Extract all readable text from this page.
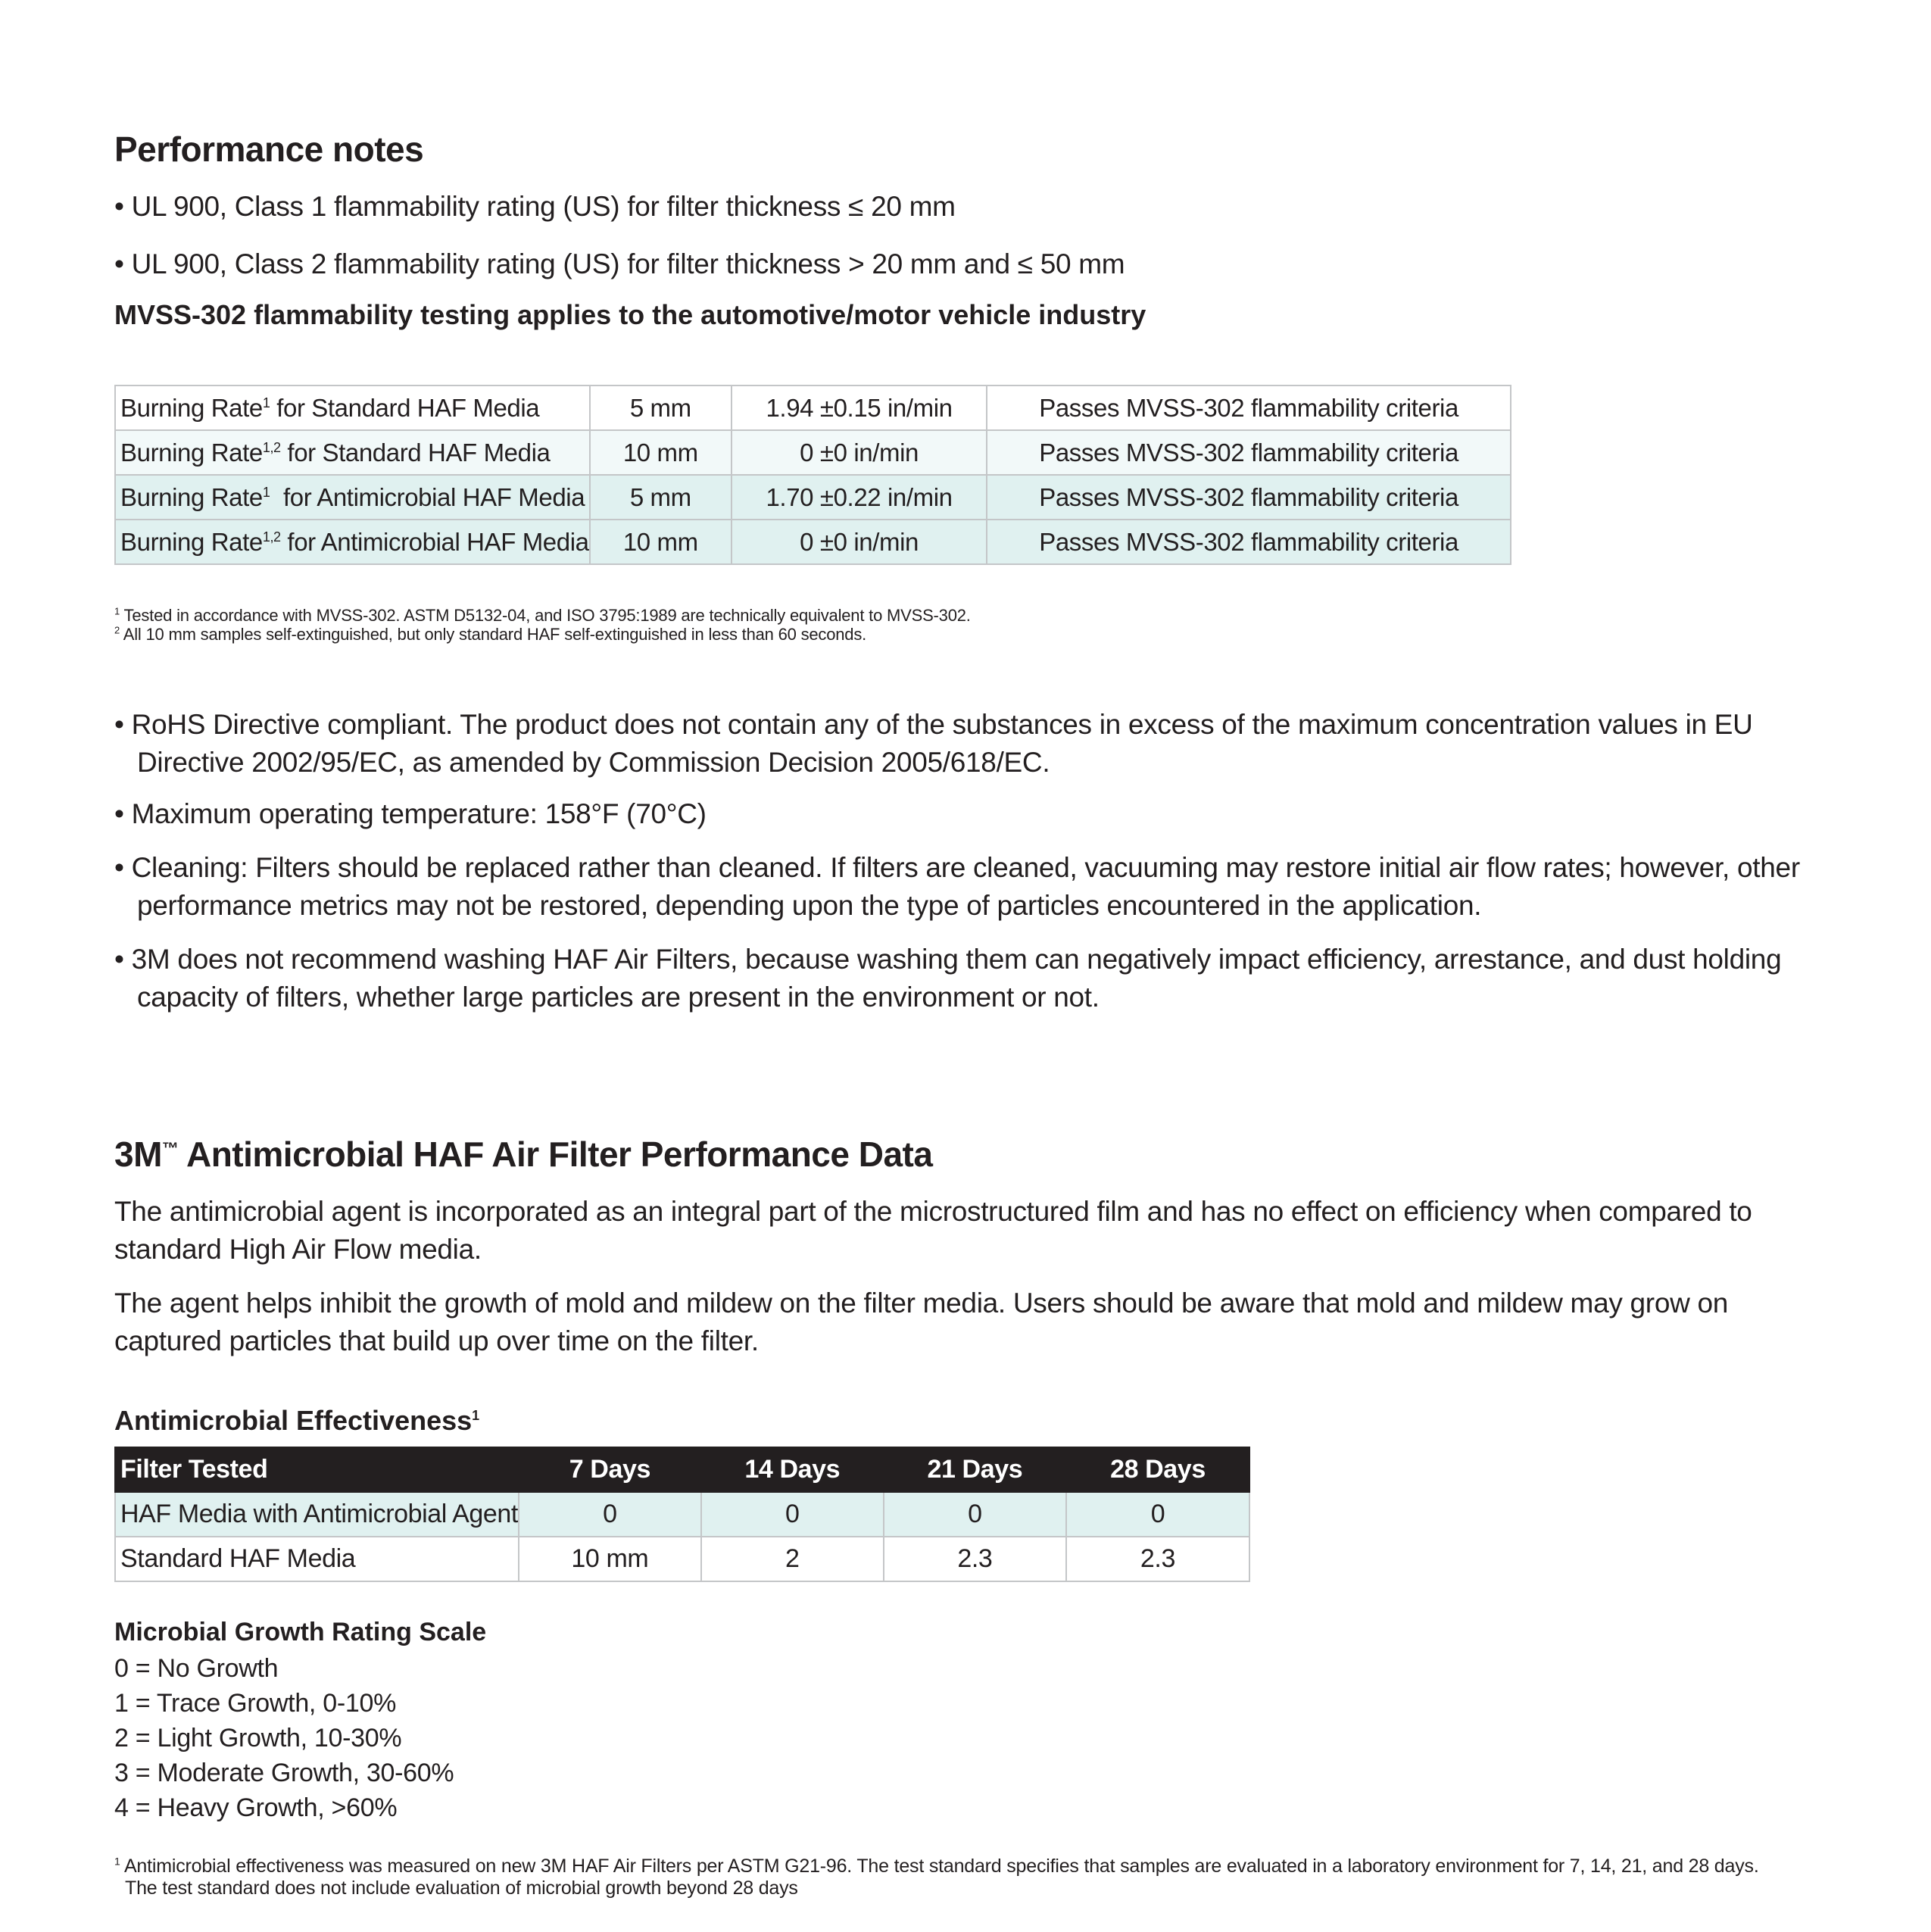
Performance notes
• UL 900, Class 1 flammability rating (US) for filter thickness ≤ 20 mm
• UL 900, Class 2 flammability rating (US) for filter thickness > 20 mm and ≤ 50 mm
MVSS-302 flammability testing applies to the automotive/motor vehicle industry
Burning Rate$^1$ for Standard HAF Media	5 mm	1.94 ±0.15 in/min	Passes MVSS-302 flammability criteria
Burning Rate$^{1,2}$ for Standard HAF Media	10 mm	0 ±0 in/min	Passes MVSS-302 flammability criteria
Burning Rate$^1$  for Antimicrobial HAF Media	5 mm	1.70 ±0.22 in/min	Passes MVSS-302 flammability criteria
Burning Rate$^{1,2}$ for Antimicrobial HAF Media	10 mm	0 ±0 in/min	Passes MVSS-302 flammability criteria
$^1$ Tested in accordance with MVSS-302. ASTM D5132-04, and ISO 3795:1989 are technically equivalent to MVSS-302.
$^2$ All 10 mm samples self-extinguished, but only standard HAF self-extinguished in less than 60 seconds.
• RoHS Directive compliant. The product does not contain any of the substances in excess of the maximum concentration values in EU Directive 2002/95/EC, as amended by Commission Decision 2005/618/EC.
• Maximum operating temperature: 158°F (70°C)
• Cleaning: Filters should be replaced rather than cleaned. If filters are cleaned, vacuuming may restore initial air flow rates; however, other performance metrics may not be restored, depending upon the type of particles encountered in the application.
• 3M does not recommend washing HAF Air Filters, because washing them can negatively impact efficiency, arrestance, and dust holding capacity of filters, whether large particles are present in the environment or not.
3M™ Antimicrobial HAF Air Filter Performance Data
The antimicrobial agent is incorporated as an integral part of the microstructured film and has no effect on efficiency when compared to standard High Air Flow media.
The agent helps inhibit the growth of mold and mildew on the filter media. Users should be aware that mold and mildew may grow on captured particles that build up over time on the filter.
Antimicrobial Effectiveness$^1$
Filter Tested	7 Days	14 Days	21 Days	28 Days
HAF Media with Antimicrobial Agent	0	0	0	0
Standard HAF Media	10 mm	2	2.3	2.3
Microbial Growth Rating Scale
0 = No Growth
1 = Trace Growth, 0-10%
2 = Light Growth, 10-30%
3 = Moderate Growth, 30-60%
4 = Heavy Growth, >60%
$^1$ Antimicrobial effectiveness was measured on new 3M HAF Air Filters per ASTM G21-96. The test standard specifies that samples are evaluated in a laboratory environment for 7, 14, 21, and 28 days.
The test standard does not include evaluation of microbial growth beyond 28 days
